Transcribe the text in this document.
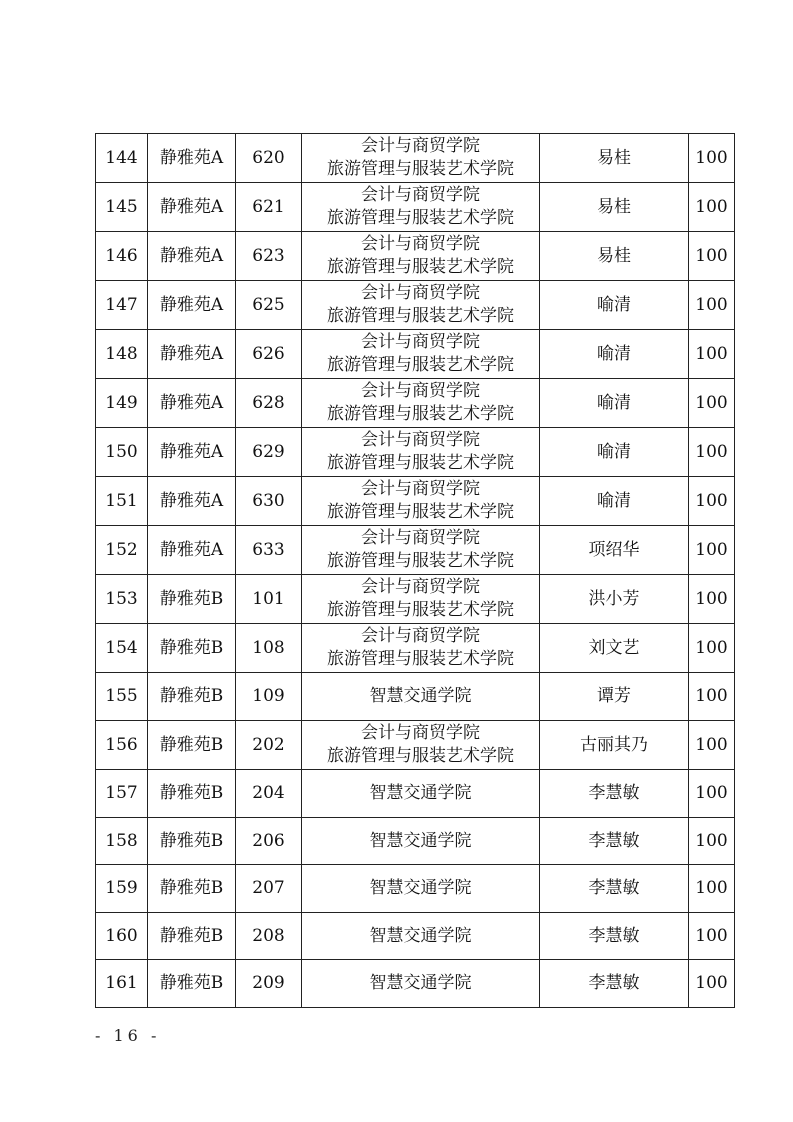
144	静雅苑A	620	会计与商贸学院
旅游管理与服装艺术学院	易桂	100
145	静雅苑A	621	会计与商贸学院
旅游管理与服装艺术学院	易桂	100
146	静雅苑A	623	会计与商贸学院
旅游管理与服装艺术学院	易桂	100
147	静雅苑A	625	会计与商贸学院
旅游管理与服装艺术学院	喻清	100
148	静雅苑A	626	会计与商贸学院
旅游管理与服装艺术学院	喻清	100
149	静雅苑A	628	会计与商贸学院
旅游管理与服装艺术学院	喻清	100
150	静雅苑A	629	会计与商贸学院
旅游管理与服装艺术学院	喻清	100
151	静雅苑A	630	会计与商贸学院
旅游管理与服装艺术学院	喻清	100
152	静雅苑A	633	会计与商贸学院
旅游管理与服装艺术学院	项绍华	100
153	静雅苑B	101	会计与商贸学院
旅游管理与服装艺术学院	洪小芳	100
154	静雅苑B	108	会计与商贸学院
旅游管理与服装艺术学院	刘文艺	100
155	静雅苑B	109	智慧交通学院	谭芳	100
156	静雅苑B	202	会计与商贸学院
旅游管理与服装艺术学院	古丽其乃	100
157	静雅苑B	204	智慧交通学院	李慧敏	100
158	静雅苑B	206	智慧交通学院	李慧敏	100
159	静雅苑B	207	智慧交通学院	李慧敏	100
160	静雅苑B	208	智慧交通学院	李慧敏	100
161	静雅苑B	209	智慧交通学院	李慧敏	100
- 16 -
